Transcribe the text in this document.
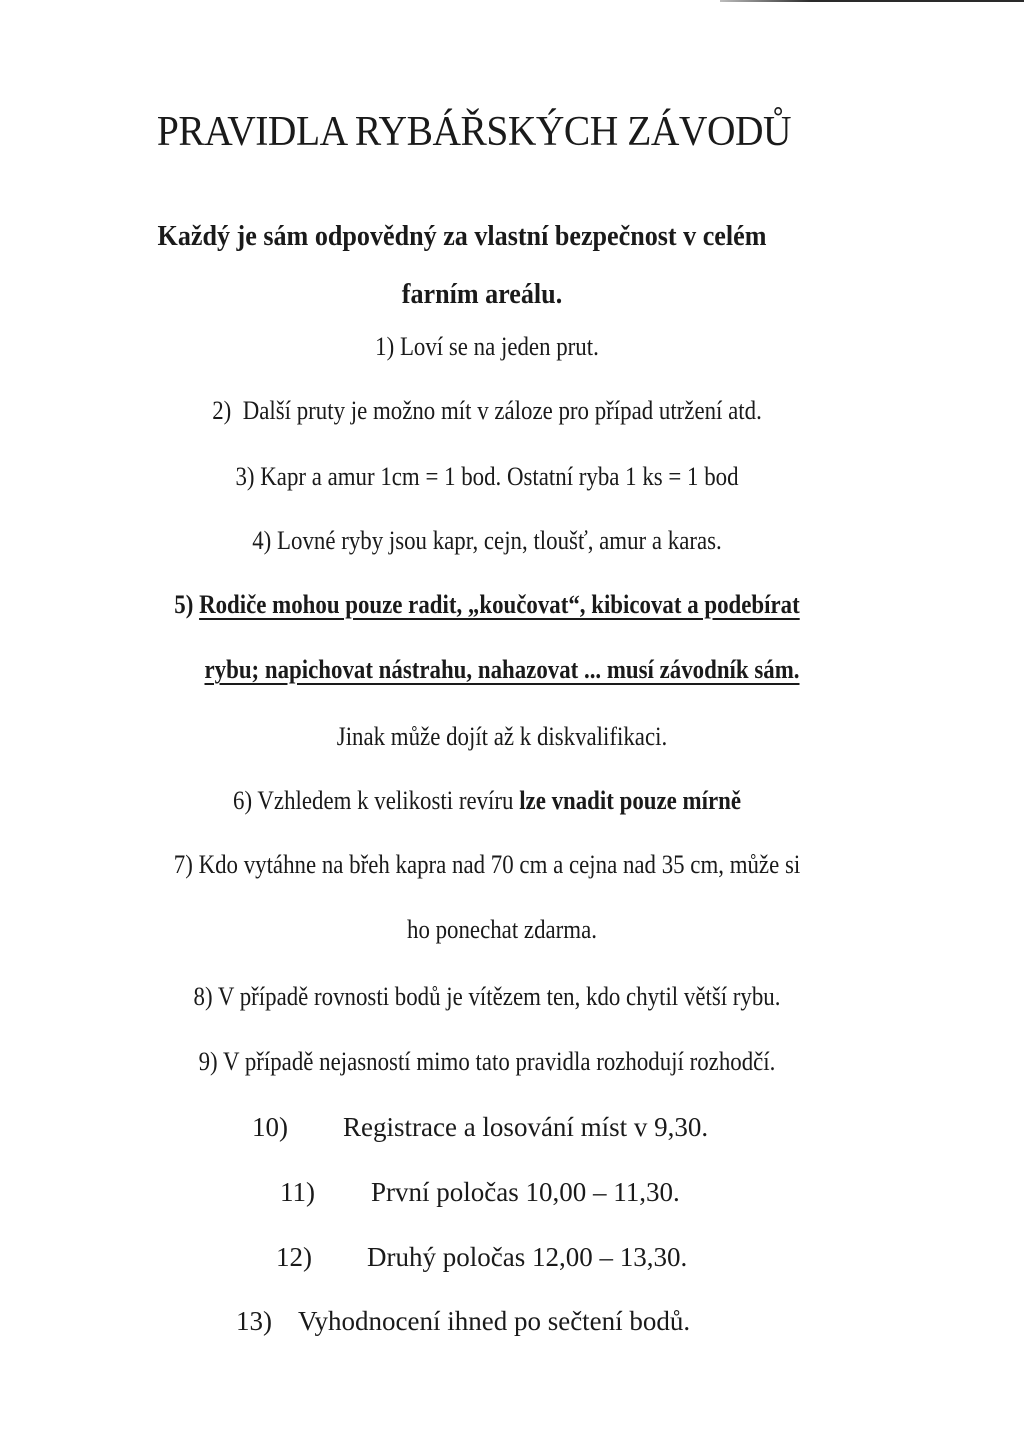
PRAVIDLA RYBÁŘSKÝCH ZÁVODŮ
Každý je sám odpovědný za vlastní bezpečnost v celém
farním areálu.
1) Loví se na jeden prut.
2) Další pruty je možno mít v záloze pro případ utržení atd.
3) Kapr a amur 1cm = 1 bod. Ostatní ryba 1 ks = 1 bod
4) Lovné ryby jsou kapr, cejn, tloušť, amur a karas.
5) Rodiče mohou pouze radit, „koučovat“, kibicovat a podebírat
rybu; napichovat nástrahu, nahazovat ... musí závodník sám.
Jinak může dojít až k diskvalifikaci.
6) Vzhledem k velikosti revíru lze vnadit pouze mírně
7) Kdo vytáhne na břeh kapra nad 70 cm a cejna nad 35 cm, může si
ho ponechat zdarma.
8) V případě rovnosti bodů je vítězem ten, kdo chytil větší rybu.
9) V případě nejasností mimo tato pravidla rozhodují rozhodčí.
10) Registrace a losování míst v 9,30.
11) První poločas 10,00 – 11,30.
12) Druhý poločas 12,00 – 13,30.
13) Vyhodnocení ihned po sečtení bodů.
